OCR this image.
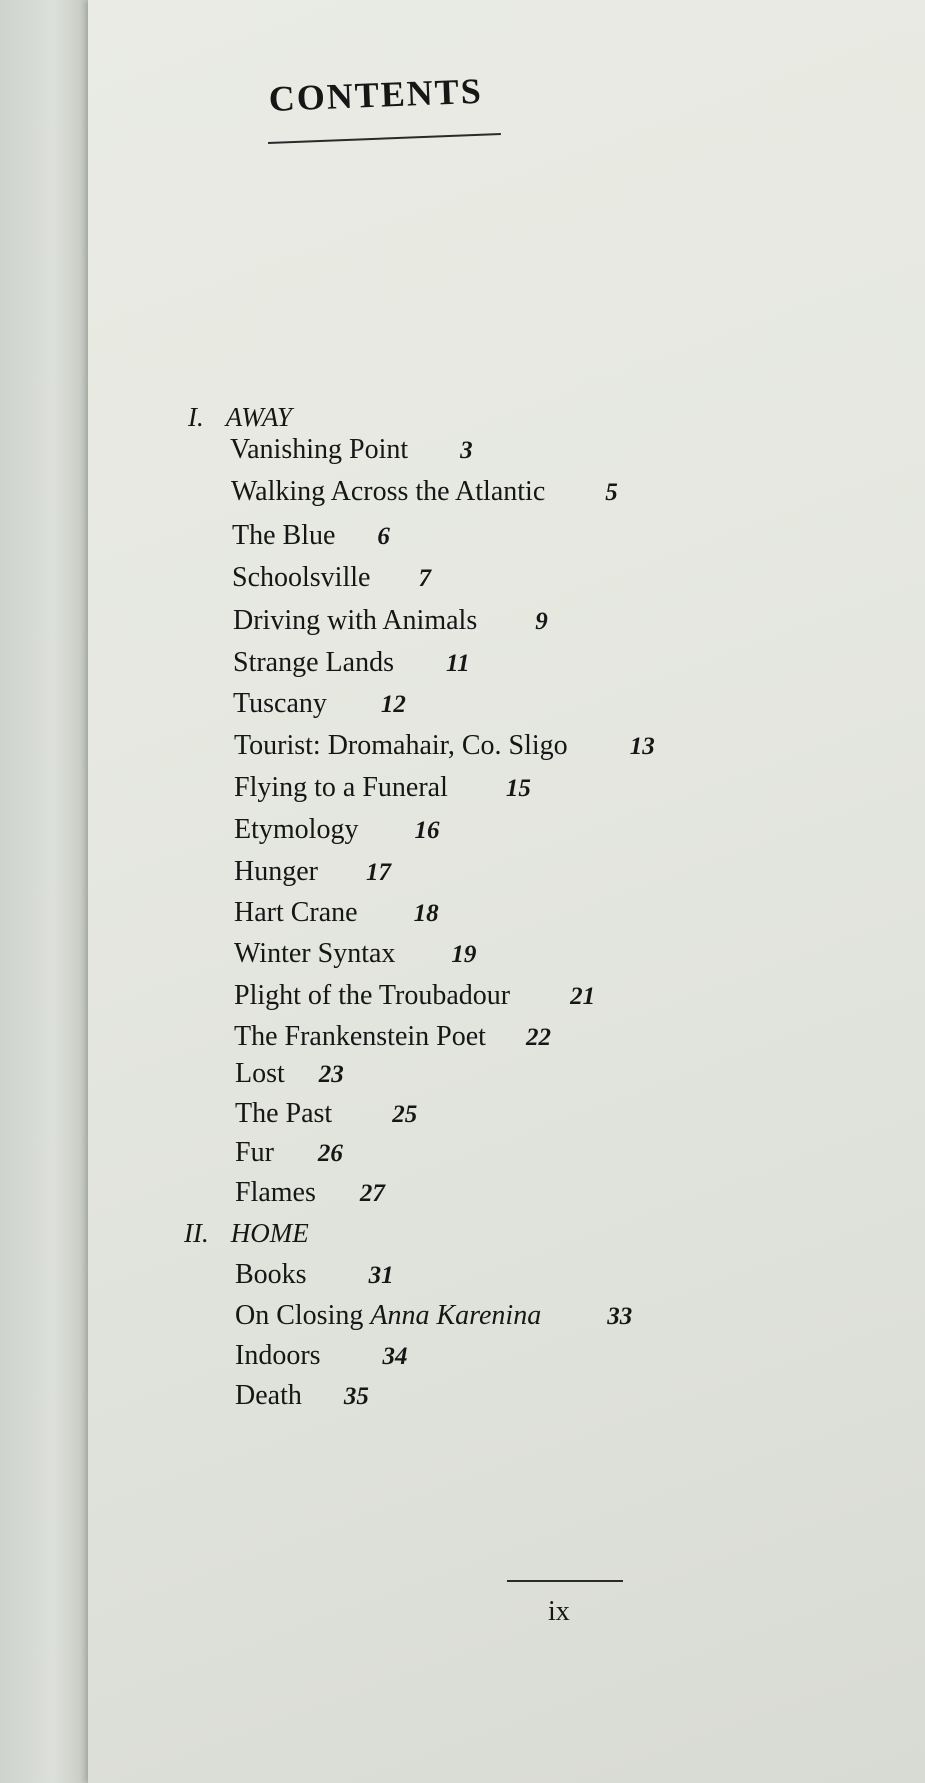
CONTENTS
I. AWAY
Vanishing Point 3
Walking Across the Atlantic 5
The Blue 6
Schoolsville 7
Driving with Animals 9
Strange Lands 11
Tuscany 12
Tourist: Dromahair, Co. Sligo 13
Flying to a Funeral 15
Etymology 16
Hunger 17
Hart Crane 18
Winter Syntax 19
Plight of the Troubadour 21
The Frankenstein Poet 22
Lost 23
The Past 25
Fur 26
Flames 27
II. HOME
Books 31
On Closing Anna Karenina	33
Indoors 34
Death 35
ix
